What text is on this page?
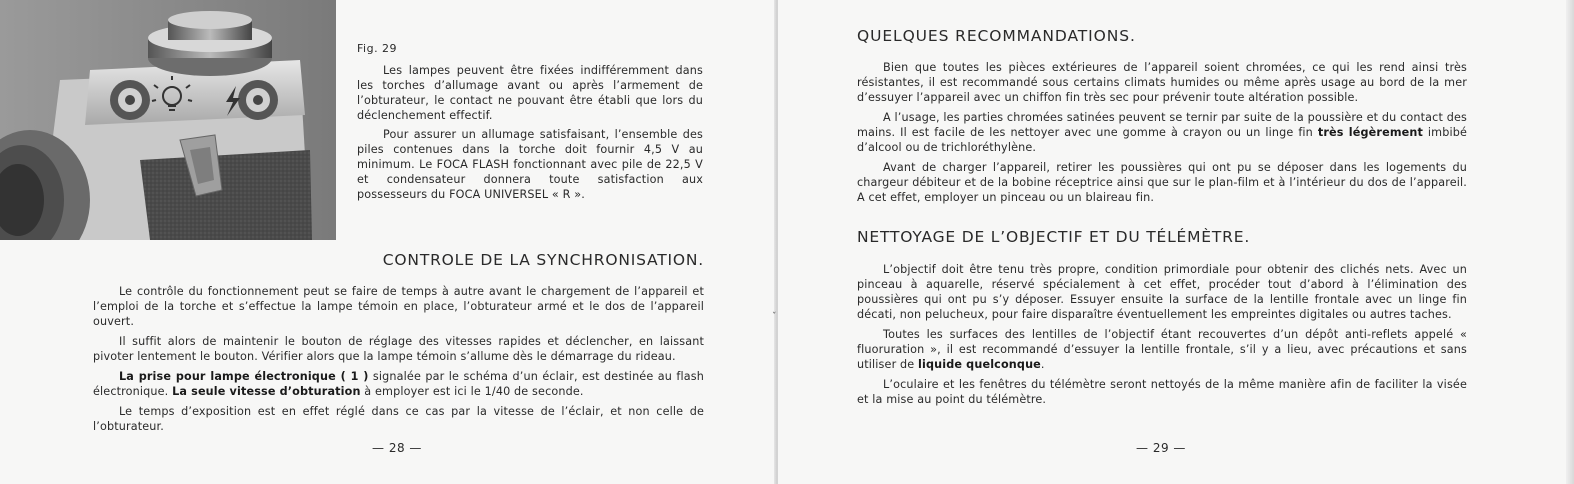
Fig. 29

Les lampes peuvent être fixées indifféremment dans les torches d’allumage avant ou après l’armement de l’obturateur, le contact ne pouvant être établi que lors du déclenchement effectif.

Pour assurer un allumage satisfaisant, l’ensemble des piles contenues dans la torche doit fournir 4,5 V au minimum. Le FOCA FLASH fonctionnant avec pile de 22,5 V et condensateur donnera toute satisfaction aux possesseurs du FOCA UNIVERSEL « R ».

CONTROLE DE LA SYNCHRONISATION.

Le contrôle du fonctionnement peut se faire de temps à autre avant le chargement de l’appareil et l’emploi de la torche et s’effectue la lampe témoin en place, l’obturateur armé et le dos de l’appareil ouvert.

Il suffit alors de maintenir le bouton de réglage des vitesses rapides et déclencher, en laissant pivoter lentement le bouton. Vérifier alors que la lampe témoin s’allume dès le démarrage du rideau.

La prise pour lampe électronique ( 1 ) signalée par le schéma d’un éclair, est destinée au flash électronique. La seule vitesse d’obturation à employer est ici le 1/40 de seconde.

Le temps d’exposition est en effet réglé dans ce cas par la vitesse de l’éclair, et non celle de l’obturateur.

— 28 —
ˇ
QUELQUES RECOMMANDATIONS.

Bien que toutes les pièces extérieures de l’appareil soient chromées, ce qui les rend ainsi très résistantes, il est recommandé sous certains climats humides ou même après usage au bord de la mer d’essuyer l’appareil avec un chiffon fin très sec pour prévenir toute altération possible.

A l’usage, les parties chromées satinées peuvent se ternir par suite de la poussière et du contact des mains. Il est facile de les nettoyer avec une gomme à crayon ou un linge fin très légèrement imbibé d’alcool ou de trichloréthylène.

Avant de charger l’appareil, retirer les poussières qui ont pu se déposer dans les logements du chargeur débiteur et de la bobine réceptrice ainsi que sur le plan-film et à l’intérieur du dos de l’appareil. A cet effet, employer un pinceau ou un blaireau fin.

NETTOYAGE DE L’OBJECTIF ET DU TÉLÉMÈTRE.

L’objectif doit être tenu très propre, condition primordiale pour obtenir des clichés nets. Avec un pinceau à aquarelle, réservé spécialement à cet effet, procéder tout d’abord à l’élimination des poussières qui ont pu s’y déposer. Essuyer ensuite la surface de la lentille frontale avec un linge fin décati, non pelucheux, pour faire disparaître éventuellement les empreintes digitales ou autres taches.

Toutes les surfaces des lentilles de l’objectif étant recouvertes d’un dépôt anti-reflets appelé « fluoruration », il est recommandé d’essuyer la lentille frontale, s’il y a lieu, avec précautions et sans utiliser de liquide quelconque.

L’oculaire et les fenêtres du télémètre seront nettoyés de la même manière afin de faciliter la visée et la mise au point du télémètre.

— 29 —
